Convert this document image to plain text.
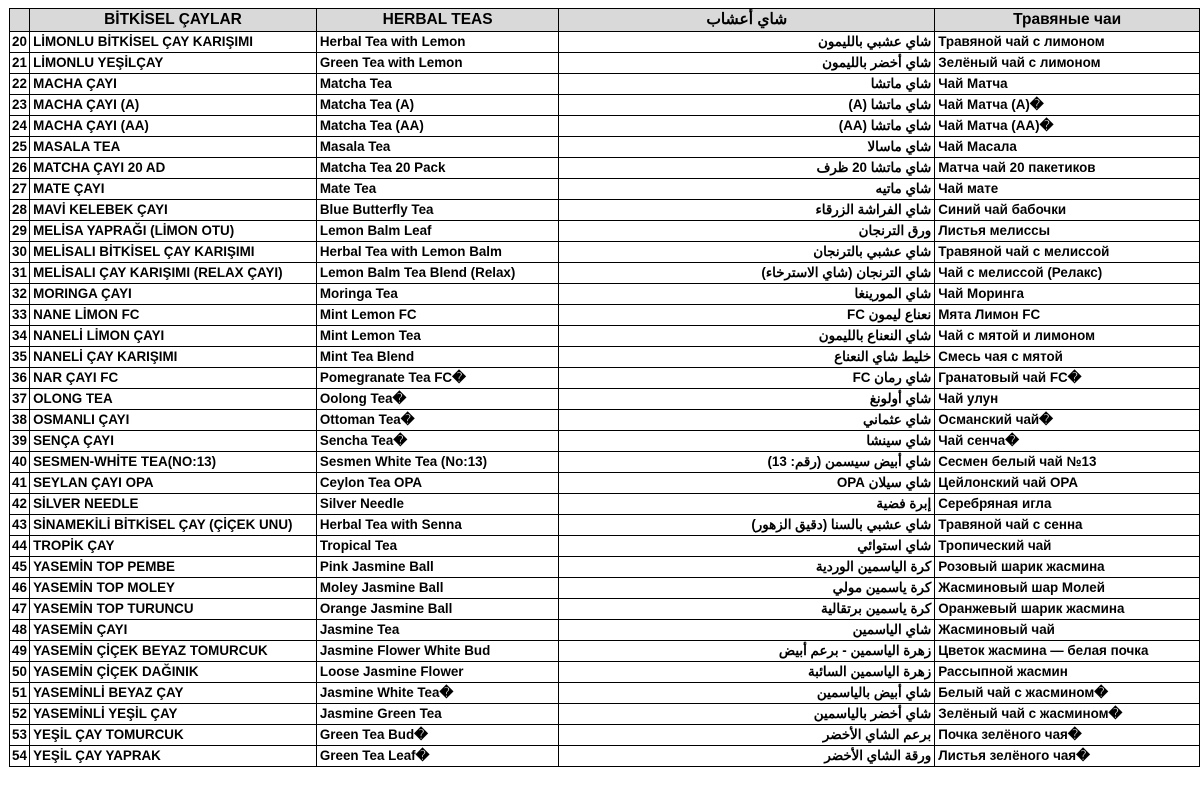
	BİTKİSEL ÇAYLAR	HERBAL TEAS	شاي أعشاب	Травяные чаи
20	LİMONLU BİTKİSEL ÇAY KARIŞIMI	Herbal Tea with Lemon	شاي عشبي بالليمون	Травяной чай с лимоном
21	LİMONLU YEŞİLÇAY	Green Tea with Lemon	شاي أخضر بالليمون	Зелёный чай с лимоном
22	MACHA ÇAYI	Matcha Tea	شاي ماتشا	Чай Матча
23	MACHA ÇAYI (A)	Matcha Tea (A)	شاي ماتشا (A)	Чай Матча (A)�
24	MACHA ÇAYI (AA)	Matcha Tea (AA)	شاي ماتشا (AA)	Чай Матча (AA)�
25	MASALA TEA	Masala Tea	شاي ماسالا	Чай Масала
26	MATCHA ÇAYI 20 AD	Matcha Tea 20 Pack	شاي ماتشا 20 ظرف	Матча чай 20 пакетиков
27	MATE ÇAYI	Mate Tea	شاي ماتيه	Чай мате
28	MAVİ KELEBEK ÇAYI	Blue Butterfly Tea	شاي الفراشة الزرقاء	Синий чай бабочки
29	MELİSA YAPRAĞI (LİMON OTU)	Lemon Balm Leaf	ورق الترنجان	Листья мелиссы
30	MELİSALI BİTKİSEL ÇAY KARIŞIMI	Herbal Tea with Lemon Balm	شاي عشبي بالترنجان	Травяной чай с мелиссой
31	MELİSALI ÇAY KARIŞIMI (RELAX ÇAYI)	Lemon Balm Tea Blend (Relax)	شاي الترنجان (شاي الاسترخاء)	Чай с мелиссой (Релакс)
32	MORINGA ÇAYI	Moringa Tea	شاي المورينغا	Чай Моринга
33	NANE LİMON FC	Mint Lemon FC	نعناع ليمون FC	Мята Лимон FC
34	NANELİ LİMON ÇAYI	Mint Lemon Tea	شاي النعناع بالليمون	Чай с мятой и лимоном
35	NANELİ ÇAY KARIŞIMI	Mint Tea Blend	خليط شاي النعناع	Смесь чая с мятой
36	NAR ÇAYI FC	Pomegranate Tea FC�	شاي رمان FC	Гранатовый чай FC�
37	OLONG TEA	Oolong Tea�	شاي أولونغ	Чай улун
38	OSMANLI ÇAYI	Ottoman Tea�	شاي عثماني	Османский чай�
39	SENÇA ÇAYI	Sencha Tea�	شاي سينشا	Чай сенча�
40	SESMEN-WHİTE TEA(NO:13)	Sesmen White Tea (No:13)	شاي أبيض سيسمن (رقم: 13)	Сесмен белый чай №13
41	SEYLAN ÇAYI OPA	Ceylon Tea OPA	شاي سيلان OPA	Цейлонский чай OPA
42	SİLVER NEEDLE	Silver Needle	إبرة فضية	Серебряная игла
43	SİNAMEKİLİ BİTKİSEL ÇAY (ÇİÇEK UNU)	Herbal Tea with Senna	شاي عشبي بالسنا (دقيق الزهور)	Травяной чай с сенна
44	TROPİK ÇAY	Tropical Tea	شاي استوائي	Тропический чай
45	YASEMİN TOP PEMBE	Pink Jasmine Ball	كرة الياسمين الوردية	Розовый шарик жасмина
46	YASEMİN TOP MOLEY	Moley Jasmine Ball	كرة ياسمين مولي	Жасминовый шар Молей
47	YASEMİN TOP TURUNCU	Orange Jasmine Ball	كرة ياسمين برتقالية	Оранжевый шарик жасмина
48	YASEMİN ÇAYI	Jasmine Tea	شاي الياسمين	Жасминовый чай
49	YASEMİN ÇİÇEK BEYAZ TOMURCUK	Jasmine Flower White Bud	زهرة الياسمين - برعم أبيض	Цветок жасмина — белая почка
50	YASEMİN ÇİÇEK DAĞINIK	Loose Jasmine Flower	زهرة الياسمين السائبة	Рассыпной жасмин
51	YASEMİNLİ BEYAZ ÇAY	Jasmine White Tea�	شاي أبيض بالياسمين	Белый чай с жасмином�
52	YASEMİNLİ YEŞİL ÇAY	Jasmine Green Tea	شاي أخضر بالياسمين	Зелёный чай с жасмином�
53	YEŞİL ÇAY TOMURCUK	Green Tea Bud�	برعم الشاي الأخضر	Почка зелёного чая�
54	YEŞİL ÇAY YAPRAK	Green Tea Leaf�	ورقة الشاي الأخضر	Листья зелёного чая�
